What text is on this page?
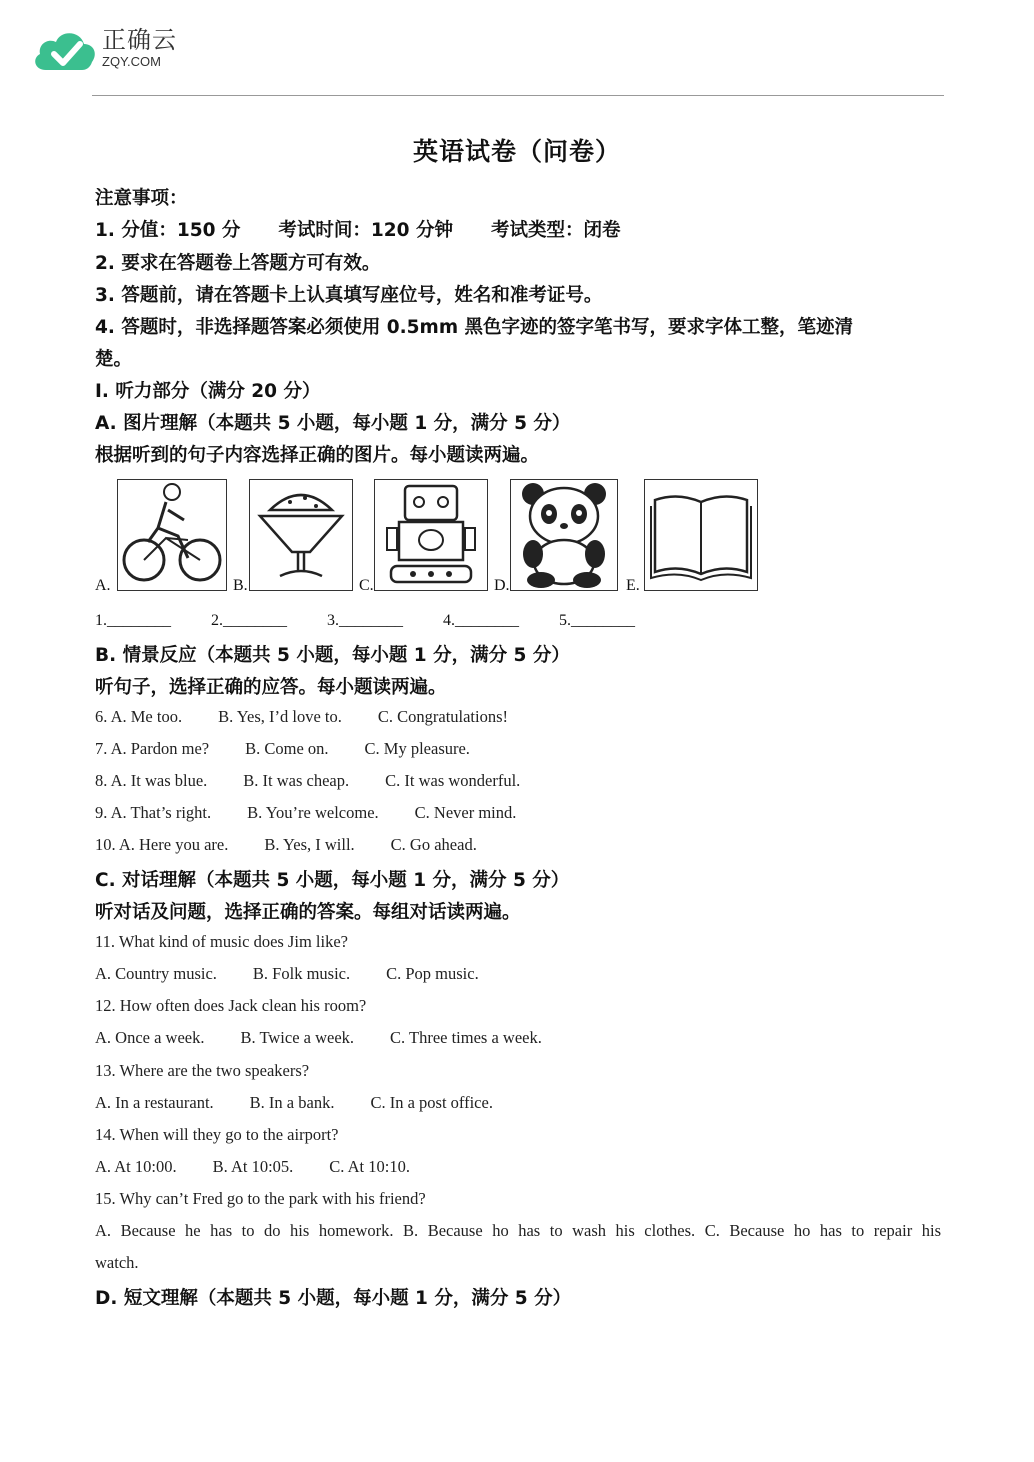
正确云
ZQY.COM
英语试卷（问卷）
注意事项：
1. 分值：150 分 考试时间：120 分钟 考试类型：闭卷
2. 要求在答题卷上答题方可有效。
3. 答题前，请在答题卡上认真填写座位号，姓名和准考证号。
4. 答题时，非选择题答案必须使用 0.5mm 黑色字迹的签字笔书写，要求字体工整，笔迹清
楚。
I. 听力部分（满分 20 分）
A. 图片理解（本题共 5 小题，每小题 1 分，满分 5 分）
根据听到的句子内容选择正确的图片。每小题读两遍。
A.	B.	C.	D.	E.
1.________	2.________	3.________	4.________	5.________
B. 情景反应（本题共 5 小题，每小题 1 分，满分 5 分）
听句子，选择正确的应答。每小题读两遍。
6. A. Me too. B. Yes, I’d love to. C. Congratulations!
7. A. Pardon me? B. Come on. C. My pleasure.
8. A. It was blue. B. It was cheap. C. It was wonderful.
9. A. That’s right. B. You’re welcome. C. Never mind.
10. A. Here you are. B. Yes, I will. C. Go ahead.
C. 对话理解（本题共 5 小题，每小题 1 分，满分 5 分）
听对话及问题，选择正确的答案。每组对话读两遍。
11. What kind of music does Jim like?
A. Country music. B. Folk music. C. Pop music.
12. How often does Jack clean his room?
A. Once a week. B. Twice a week. C. Three times a week.
13. Where are the two speakers?
A. In a restaurant. B. In a bank. C. In a post office.
14. When will they go to the airport?
A. At 10:00. B. At 10:05. C. At 10:10.
15. Why can’t Fred go to the park with his friend?
A. Because he has to do his homework. B. Because ho has to wash his clothes. C. Because ho has to repair his
watch.
D. 短文理解（本题共 5 小题，每小题 1 分，满分 5 分）
